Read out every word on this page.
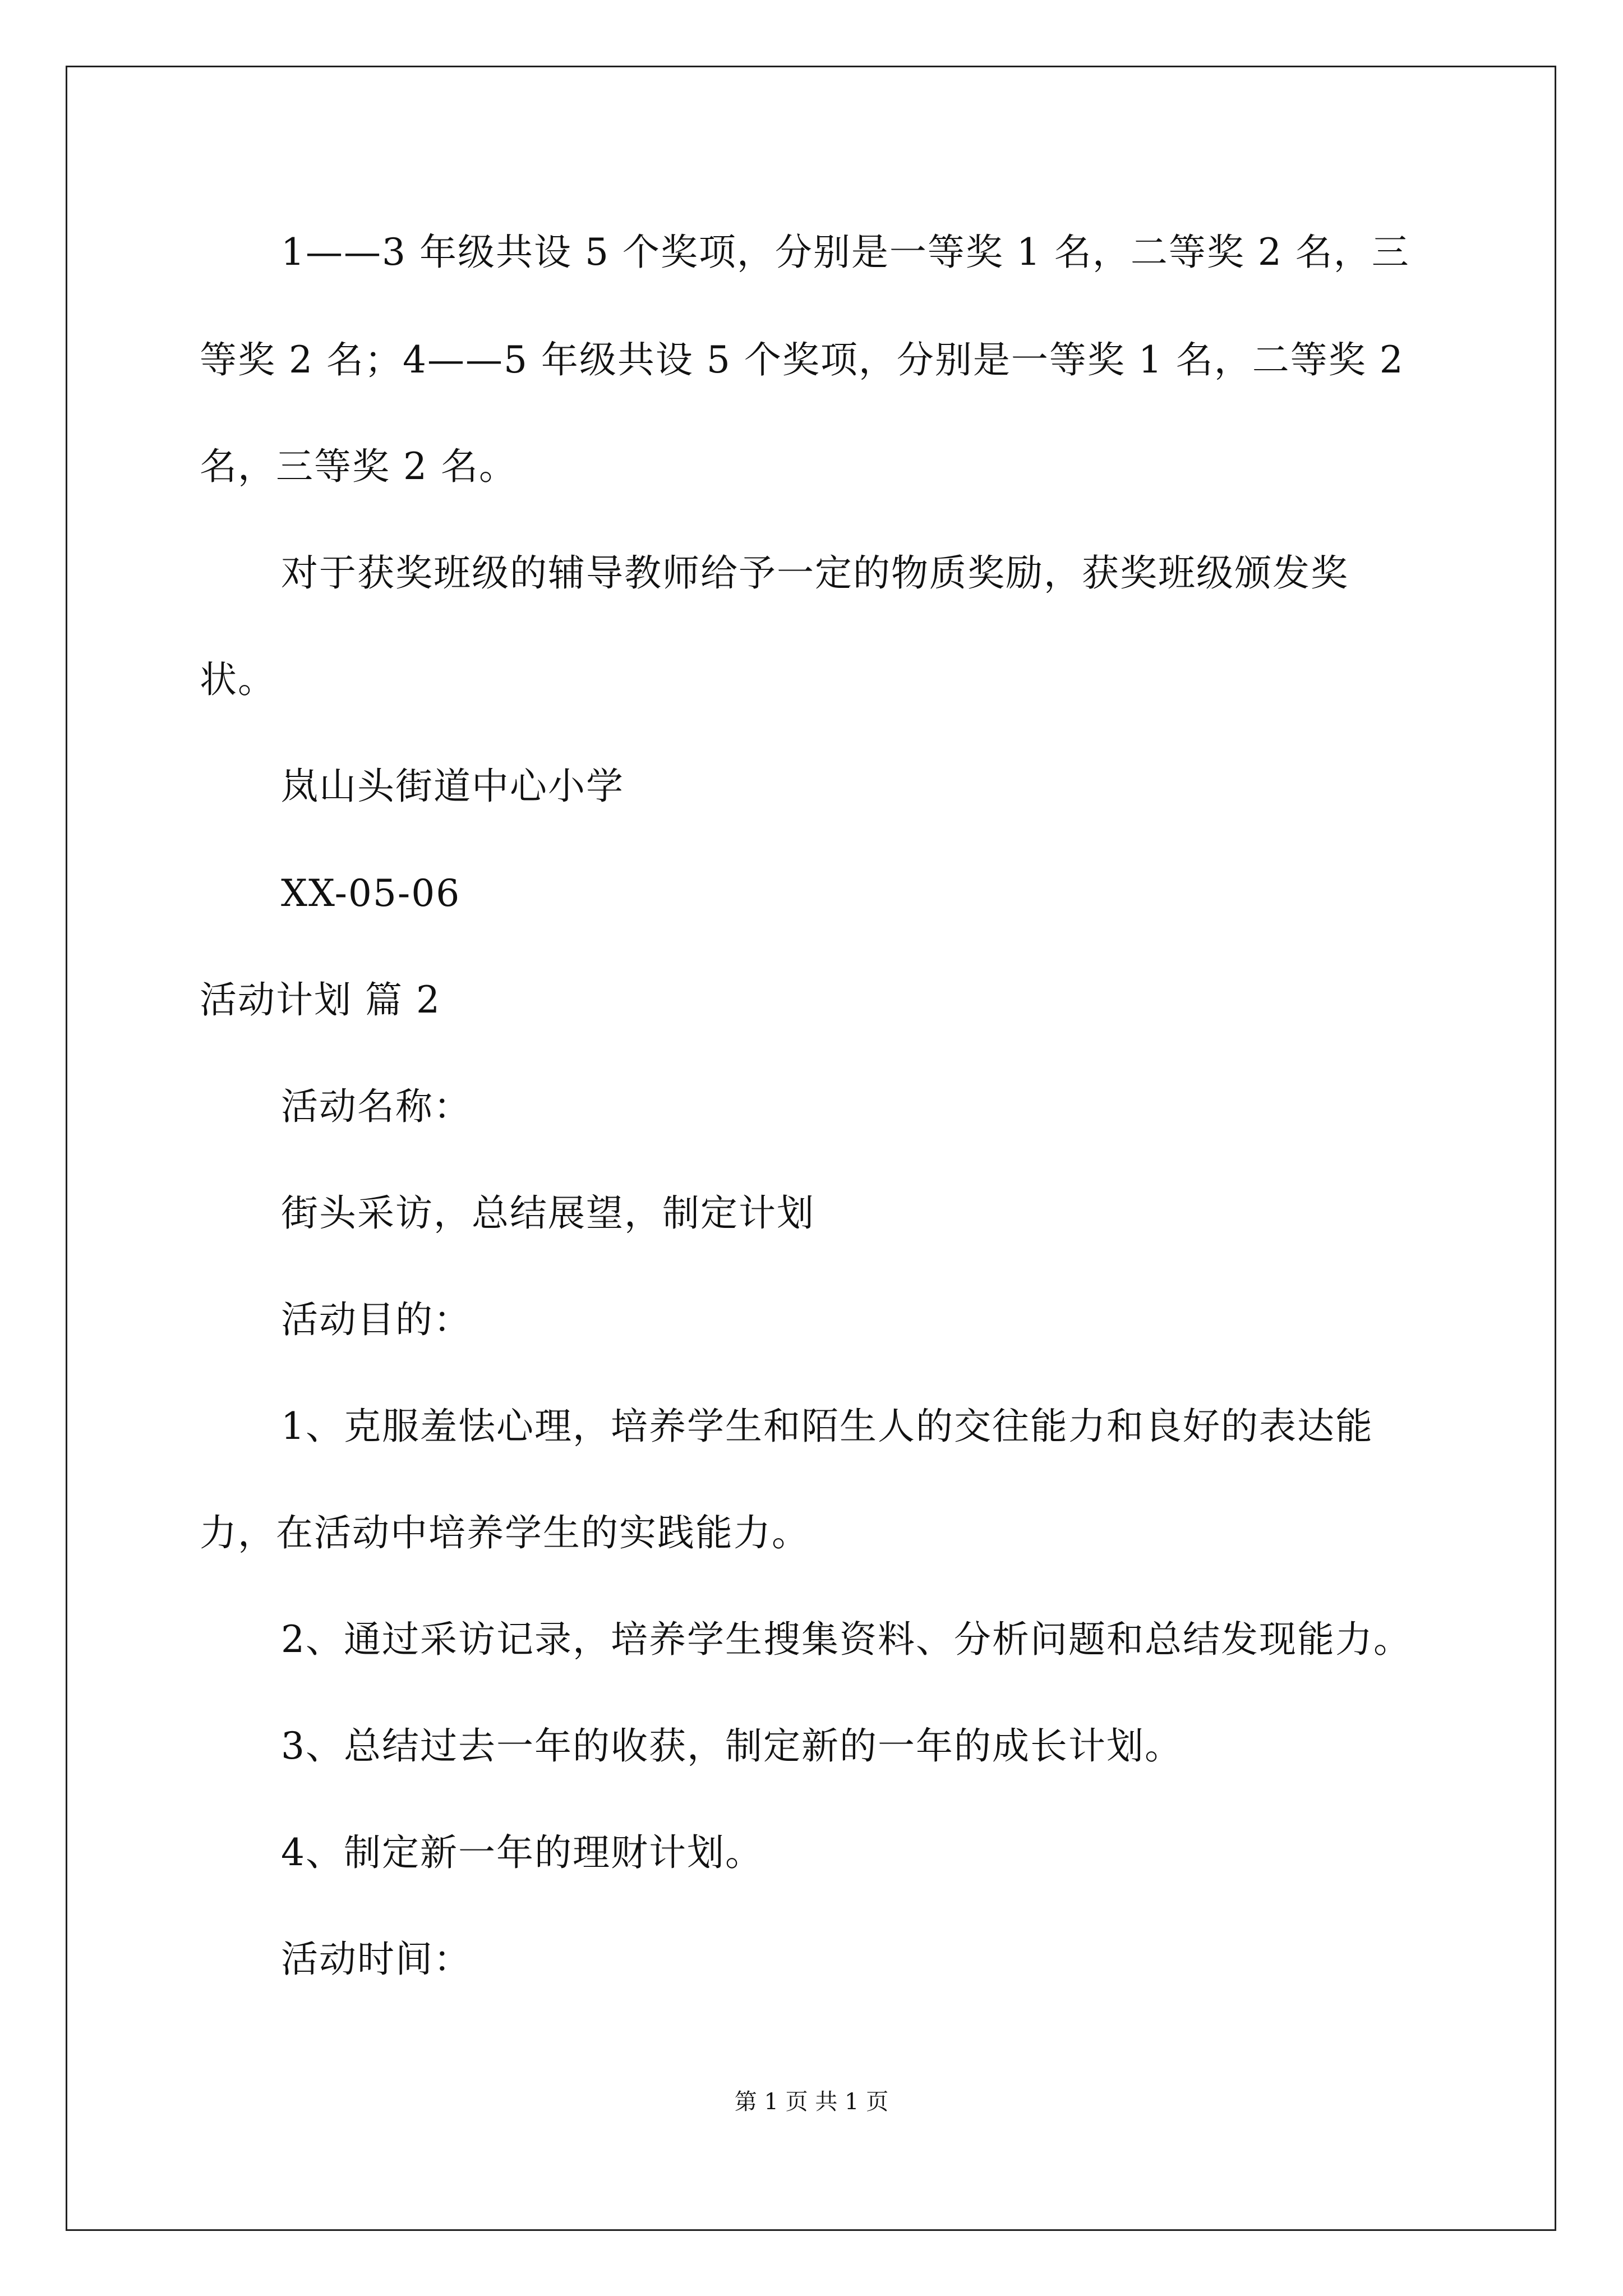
1——3 年级共设 5 个奖项，分别是一等奖 1 名，二等奖 2 名，三
等奖 2 名；4——5 年级共设 5 个奖项，分别是一等奖 1 名，二等奖 2
名，三等奖 2 名。
对于获奖班级的辅导教师给予一定的物质奖励，获奖班级颁发奖
状。
岚山头街道中心小学
XX-05-06
活动计划 篇 2
活动名称：
街头采访，总结展望，制定计划
活动目的：
1、克服羞怯心理，培养学生和陌生人的交往能力和良好的表达能
力，在活动中培养学生的实践能力。
2、通过采访记录，培养学生搜集资料、分析问题和总结发现能力。
3、总结过去一年的收获，制定新的一年的成长计划。
4、制定新一年的理财计划。
活动时间：
第 1 页 共 1 页
